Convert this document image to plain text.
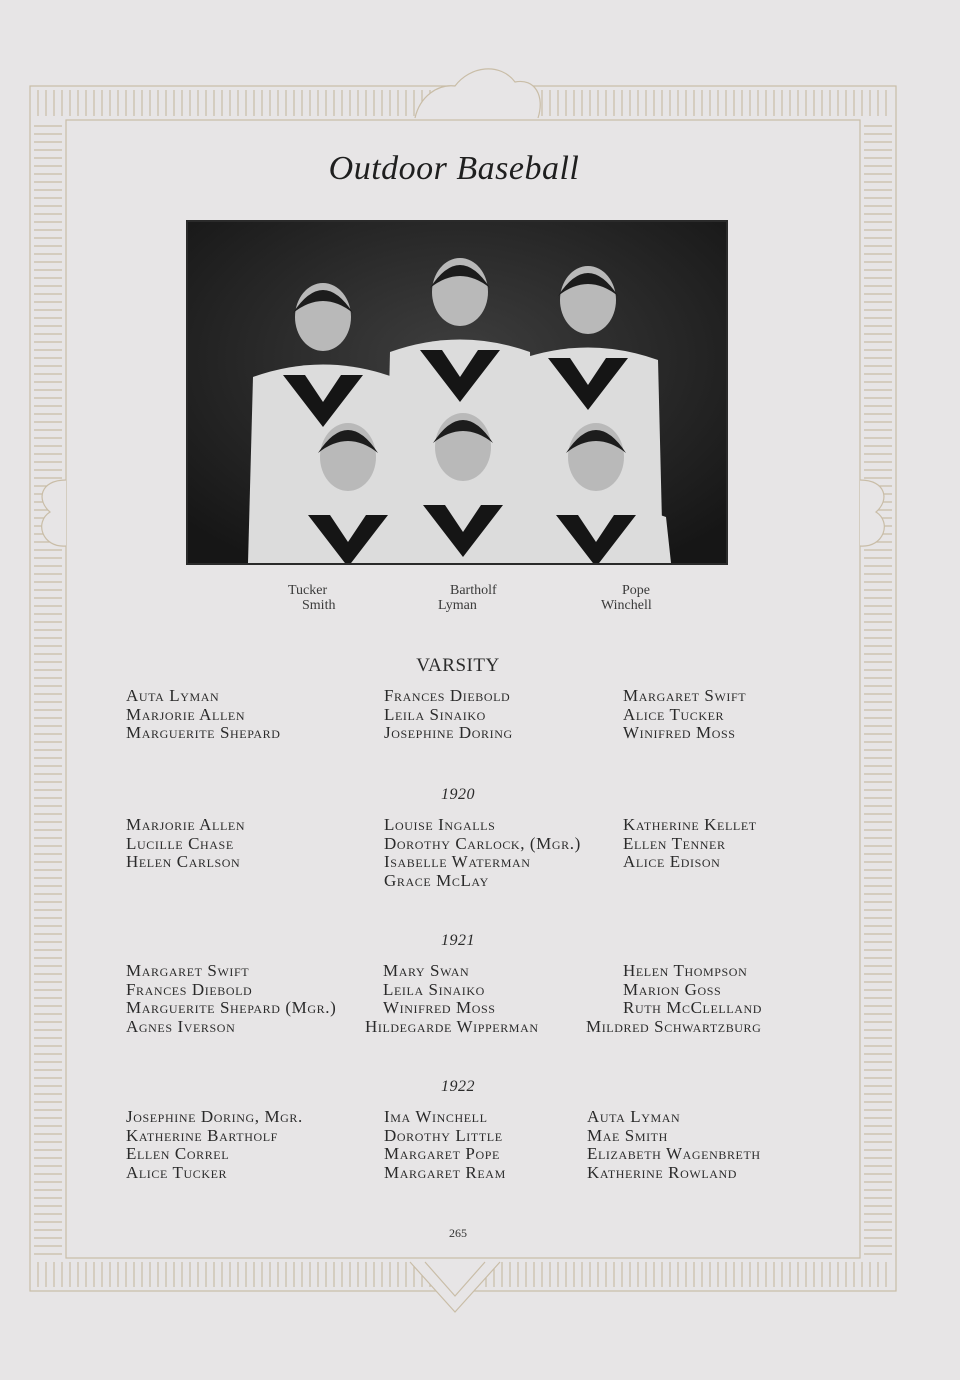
Outdoor Baseball
Tucker
Smith
Bartholf
Lyman
Pope
Winchell
VARSITY
Auta Lyman
Marjorie Allen
Marguerite Shepard
Frances Diebold
Leila Sinaiko
Josephine Doring
Margaret Swift
Alice Tucker
Winifred Moss
1920
Marjorie Allen
Lucille Chase
Helen Carlson
Louise Ingalls
Dorothy Carlock, (Mgr.)
Isabelle Waterman
Grace McLay
Katherine Kellet
Ellen Tenner
Alice Edison
1921
Margaret Swift
Frances Diebold
Marguerite Shepard (Mgr.)
Agnes Iverson
Mary Swan
Leila Sinaiko
Winifred Moss
Hildegarde Wipperman
Helen Thompson
Marion Goss
Ruth McClelland
Mildred Schwartzburg
1922
Josephine Doring, Mgr.
Katherine Bartholf
Ellen Correl
Alice Tucker
Ima Winchell
Dorothy Little
Margaret Pope
Margaret Ream
Auta Lyman
Mae Smith
Elizabeth Wagenbreth
Katherine Rowland
265
